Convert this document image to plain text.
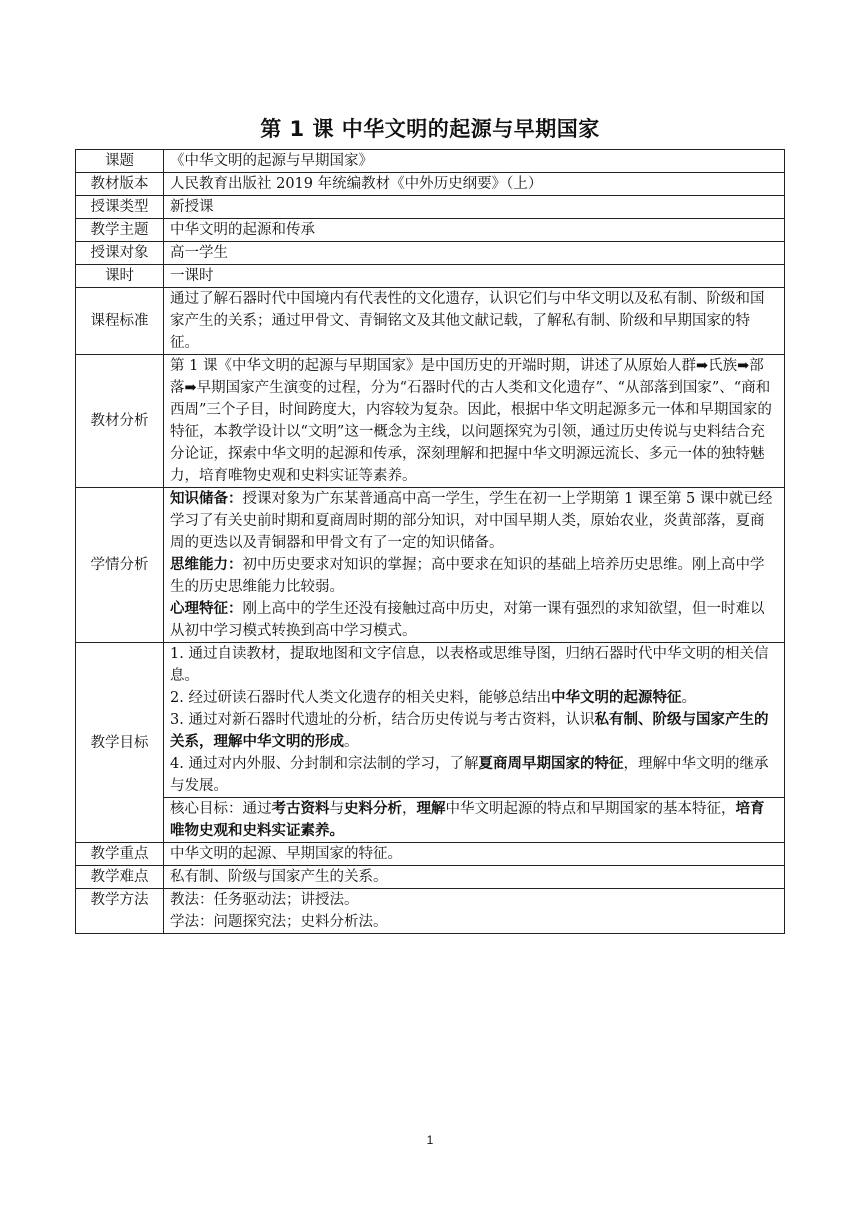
第 1 课 中华文明的起源与早期国家
课题	《中华文明的起源与早期国家》
教材版本	人民教育出版社 2019 年统编教材《中外历史纲要》（上）
授课类型	新授课
教学主题	中华文明的起源和传承
授课对象	高一学生
课时	一课时
课程标准	通过了解石器时代中国境内有代表性的文化遗存，认识它们与中华文明以及私有制、阶级和国家产生的关系；通过甲骨文、青铜铭文及其他文献记载，了解私有制、阶级和早期国家的特征。
教材分析	第 1 课《中华文明的起源与早期国家》是中国历史的开端时期，讲述了从原始人群➡氏族➡部落➡早期国家产生演变的过程，分为“石器时代的古人类和文化遗存”、“从部落到国家”、“商和西周”三个子目，时间跨度大，内容较为复杂。因此，根据中华文明起源多元一体和早期国家的特征，本教学设计以“文明”这一概念为主线，以问题探究为引领，通过历史传说与史料结合充分论证，探索中华文明的起源和传承，深刻理解和把握中华文明源远流长、多元一体的独特魅力，培育唯物史观和史料实证等素养。
学情分析	知识储备：授课对象为广东某普通高中高一学生，学生在初一上学期第 1 课至第 5 课中就已经学习了有关史前时期和夏商周时期的部分知识，对中国早期人类，原始农业，炎黄部落，夏商周的更迭以及青铜器和甲骨文有了一定的知识储备。

思维能力：初中历史要求对知识的掌握；高中要求在知识的基础上培养历史思维。刚上高中学生的历史思维能力比较弱。

心理特征：刚上高中的学生还没有接触过高中历史，对第一课有强烈的求知欲望，但一时难以从初中学习模式转换到高中学习模式。

教学目标	1. 通过自读教材，提取地图和文字信息，以表格或思维导图，归纳石器时代中华文明的相关信息。

2. 经过研读石器时代人类文化遗存的相关史料，能够总结出中华文明的起源特征。

3. 通过对新石器时代遗址的分析，结合历史传说与考古资料，认识私有制、阶级与国家产生的关系，理解中华文明的形成。

4. 通过对内外服、分封制和宗法制的学习，了解夏商周早期国家的特征，理解中华文明的继承与发展。

	核心目标：通过考古资料与史料分析，理解中华文明起源的特点和早期国家的基本特征，培育唯物史观和史料实证素养。
教学重点	中华文明的起源、早期国家的特征。
教学难点	私有制、阶级与国家产生的关系。
教学方法	教法：任务驱动法；讲授法。

学法：问题探究法；史料分析法。

1
